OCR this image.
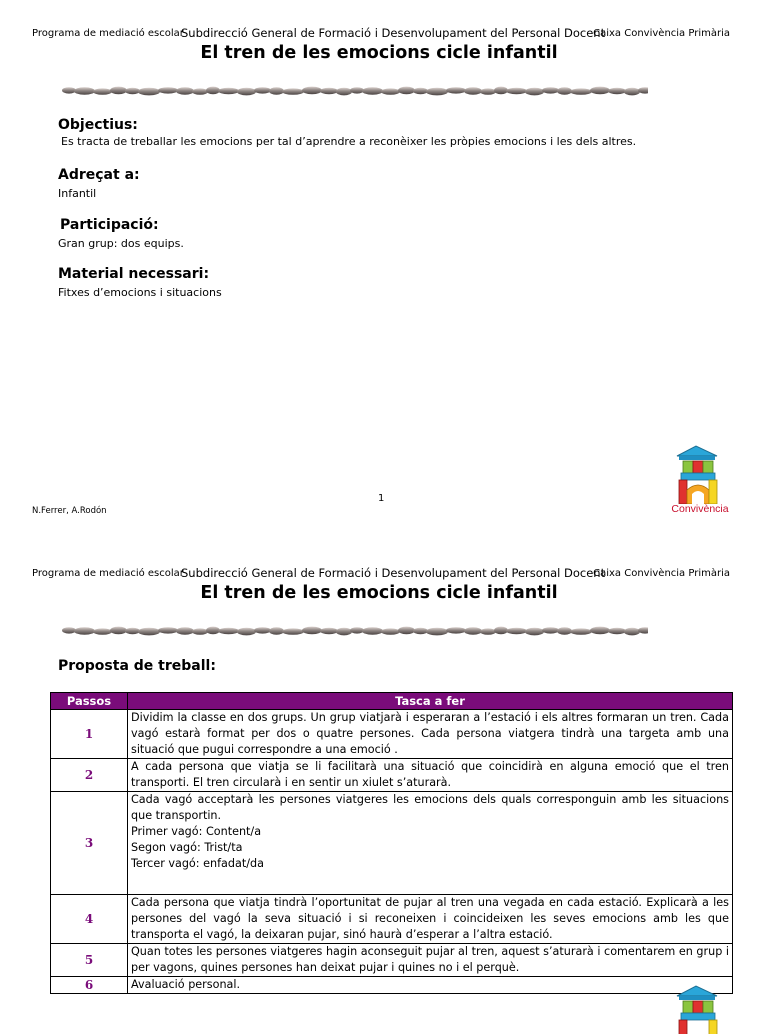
Programa de mediació escolar
Subdirecció General de Formació i Desenvolupament del Personal Docent
Caixa Convivència Primària
El tren de les emocions cicle infantil
Objectius:
Es tracta de treballar les emocions per tal d’aprendre a reconèixer les pròpies emocions i les dels altres.
Adreçat a:
Infantil
Participació:
Gran grup: dos equips.
Material necessari:
Fitxes d’emocions i situacions
1
N.Ferrer, A.Rodón	Convivència
Programa de mediació escolar
Subdirecció General de Formació i Desenvolupament del Personal Docent
Caixa Convivència Primària
El tren de les emocions cicle infantil
Proposta de treball:
Passos	Tasca a fer
1	Dividim la classe en dos grups. Un grup viatjarà i esperaran a l’estació i els altres formaran un tren. Cada vagó estarà format per dos o quatre persones. Cada persona viatgera tindrà una targeta amb una situació que pugui correspondre a una emoció .

2	A cada persona que viatja se li facilitarà una situació que coincidirà en alguna emoció que el tren transporti. El tren circularà i en sentir un xiulet s’aturarà.

3	Cada vagó acceptarà les persones viatgeres les emocions dels quals corresponguin amb les situacions que transportin.
Primer vagó: Content/a
Segon vagó: Trist/ta
Tercer vagó: enfadat/da

4	Cada persona que viatja tindrà l’oportunitat de pujar al tren una vegada en cada estació. Explicarà a les persones del vagó la seva situació i si reconeixen i coincideixen les seves emocions amb les que transporta el vagó, la deixaran pujar, sinó haurà d’esperar a l’altra estació.

5	Quan totes les persones viatgeres hagin aconseguit pujar al tren, aquest s’aturarà i comentarem en grup i per vagons, quines persones han deixat pujar i quines no i el perquè.

6	Avaluació personal.
